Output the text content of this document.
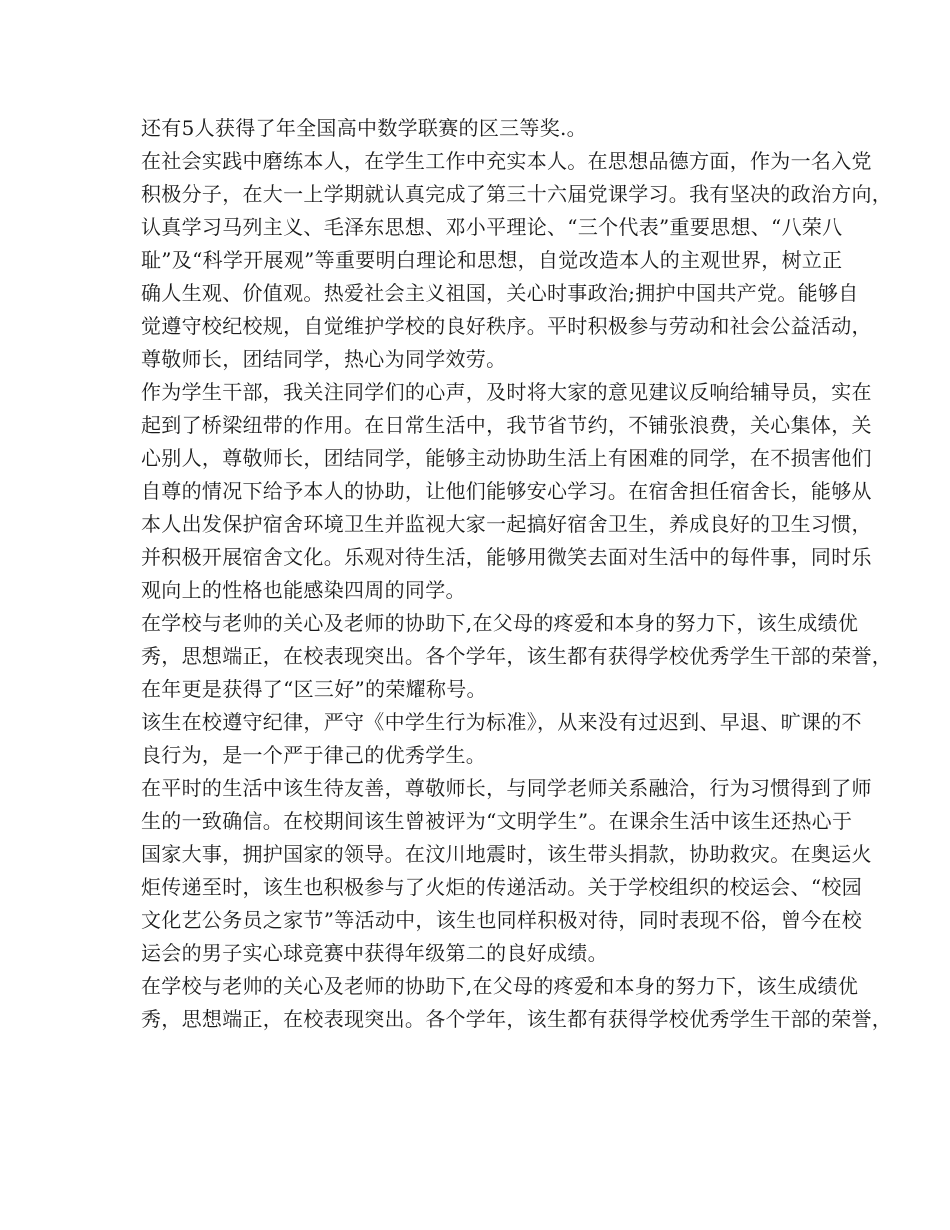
还有5人获得了年全国高中数学联赛的区三等奖.。
在社会实践中磨练本人，在学生工作中充实本人。在思想品德方面，作为一名入党
积极分子，在大一上学期就认真完成了第三十六届党课学习。我有坚决的政治方向，
认真学习马列主义、毛泽东思想、邓小平理论、“三个代表”重要思想、“八荣八
耻”及“科学开展观”等重要明白理论和思想，自觉改造本人的主观世界，树立正
确人生观、价值观。热爱社会主义祖国，关心时事政治;拥护中国共产党。能够自
觉遵守校纪校规，自觉维护学校的良好秩序。平时积极参与劳动和社会公益活动，
尊敬师长，团结同学，热心为同学效劳。
作为学生干部，我关注同学们的心声，及时将大家的意见建议反响给辅导员，实在
起到了桥梁纽带的作用。在日常生活中，我节省节约，不铺张浪费，关心集体，关
心别人，尊敬师长，团结同学，能够主动协助生活上有困难的同学，在不损害他们
自尊的情况下给予本人的协助，让他们能够安心学习。在宿舍担任宿舍长，能够从
本人出发保护宿舍环境卫生并监视大家一起搞好宿舍卫生，养成良好的卫生习惯，
并积极开展宿舍文化。乐观对待生活，能够用微笑去面对生活中的每件事，同时乐
观向上的性格也能感染四周的同学。
在学校与老帅的关心及老师的协助下,在父母的疼爱和本身的努力下，该生成绩优
秀，思想端正，在校表现突出。各个学年，该生都有获得学校优秀学生干部的荣誉，
在年更是获得了“区三好”的荣耀称号。
该生在校遵守纪律，严守《中学生行为标准》，从来没有过迟到、早退、旷课的不
良行为，是一个严于律己的优秀学生。
在平时的生活中该生待友善，尊敬师长，与同学老师关系融洽，行为习惯得到了师
生的一致确信。在校期间该生曾被评为“文明学生”。在课余生活中该生还热心于
国家大事，拥护国家的领导。在汶川地震时，该生带头捐款，协助救灾。在奥运火
炬传递至时，该生也积极参与了火炬的传递活动。关于学校组织的校运会、“校园
文化艺公务员之家节”等活动中，该生也同样积极对待，同时表现不俗，曾今在校
运会的男子实心球竞赛中获得年级第二的良好成绩。
在学校与老帅的关心及老师的协助下,在父母的疼爱和本身的努力下，该生成绩优
秀，思想端正，在校表现突出。各个学年，该生都有获得学校优秀学生干部的荣誉，
